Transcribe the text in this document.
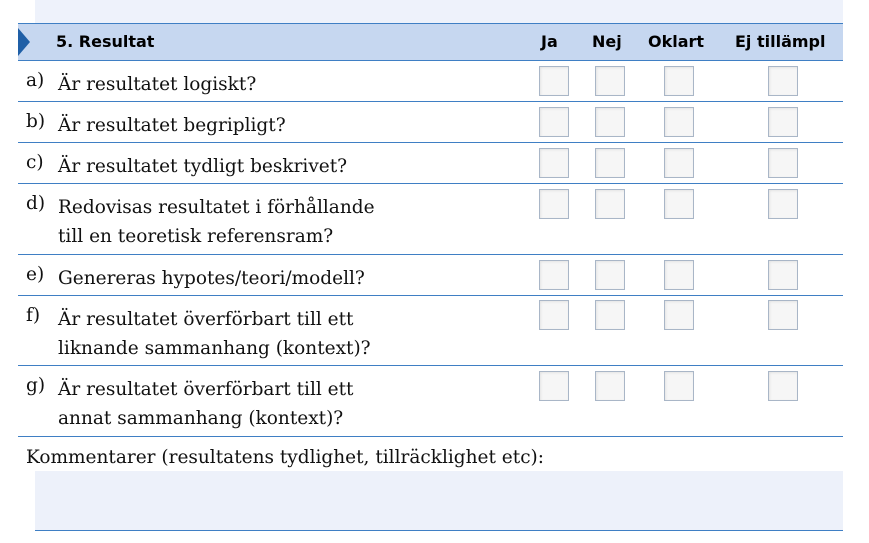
5. Resultat	Ja Nej Oklart Ej tillämpl
a) Är resultatet logiskt?
b) Är resultatet begripligt?
c) Är resultatet tydligt beskrivet?
d) Redovisas resultatet i förhållande
till en teoretisk referensram?
e) Genereras hypotes/teori/modell?
f) Är resultatet överförbart till ett
liknande sammanhang (kontext)?
g) Är resultatet överförbart till ett
annat sammanhang (kontext)?
Kommentarer (resultatens tydlighet, tillräcklighet etc):
